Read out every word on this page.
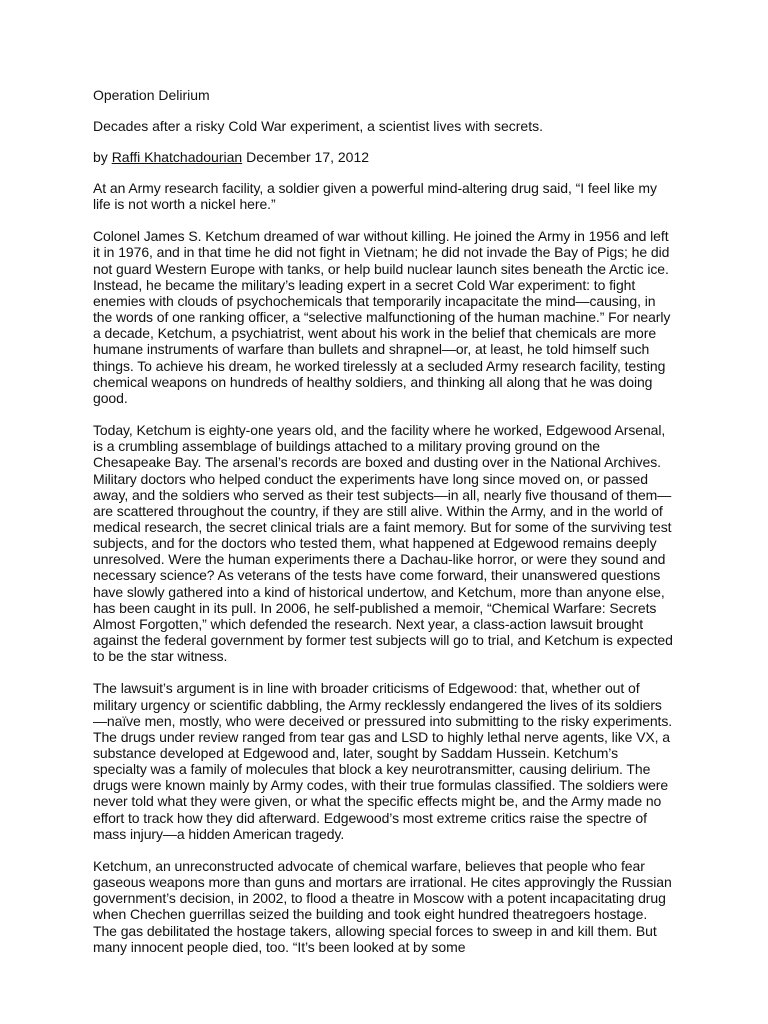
Operation Delirium
Decades after a risky Cold War experiment, a scientist lives with secrets.
by Raffi Khatchadourian December 17, 2012

At an Army research facility, a soldier given a powerful mind-altering drug said, “I feel like my life is not worth a nickel here.”

Colonel James S. Ketchum dreamed of war without killing. He joined the Army in 1956 and left it in 1976, and in that time he did not fight in Vietnam; he did not invade the Bay of Pigs; he did not guard Western Europe with tanks, or help build nuclear launch sites beneath the Arctic ice. Instead, he became the military’s leading expert in a secret Cold War experiment: to fight enemies with clouds of psychochemicals that temporarily incapacitate the mind—causing, in the words of one ranking officer, a “selective malfunctioning of the human machine.” For nearly a decade, Ketchum, a psychiatrist, went about his work in the belief that chemicals are more humane instruments of warfare than bullets and shrapnel—or, at least, he told himself such things. To achieve his dream, he worked tirelessly at a secluded Army research facility, testing chemical weapons on hundreds of healthy soldiers, and thinking all along that he was doing good.

Today, Ketchum is eighty-one years old, and the facility where he worked, Edgewood Arsenal, is a crumbling assemblage of buildings attached to a military proving ground on the Chesapeake Bay. The arsenal’s records are boxed and dusting over in the National Archives. Military doctors who helped conduct the experiments have long since moved on, or passed away, and the soldiers who served as their test subjects—in all, nearly five thousand of them—are scattered throughout the country, if they are still alive. Within the Army, and in the world of medical research, the secret clinical trials are a faint memory. But for some of the surviving test subjects, and for the doctors who tested them, what happened at Edgewood remains deeply unresolved. Were the human experiments there a Dachau-like horror, or were they sound and necessary science? As veterans of the tests have come forward, their unanswered questions have slowly gathered into a kind of historical undertow, and Ketchum, more than anyone else, has been caught in its pull. In 2006, he self-published a memoir, “Chemical Warfare: Secrets Almost Forgotten,” which defended the research. Next year, a class-action lawsuit brought against the federal government by former test subjects will go to trial, and Ketchum is expected to be the star witness.

The lawsuit’s argument is in line with broader criticisms of Edgewood: that, whether out of military urgency or scientific dabbling, the Army recklessly endangered the lives of its soldiers—naïve men, mostly, who were deceived or pressured into submitting to the risky experiments. The drugs under review ranged from tear gas and LSD to highly lethal nerve agents, like VX, a substance developed at Edgewood and, later, sought by Saddam Hussein. Ketchum’s specialty was a family of molecules that block a key neurotransmitter, causing delirium. The drugs were known mainly by Army codes, with their true formulas classified. The soldiers were never told what they were given, or what the specific effects might be, and the Army made no effort to track how they did afterward. Edgewood’s most extreme critics raise the spectre of mass injury—a hidden American tragedy.

Ketchum, an unreconstructed advocate of chemical warfare, believes that people who fear gaseous weapons more than guns and mortars are irrational. He cites approvingly the Russian government’s decision, in 2002, to flood a theatre in Moscow with a potent incapacitating drug when Chechen guerrillas seized the building and took eight hundred theatregoers hostage. The gas debilitated the hostage takers, allowing special forces to sweep in and kill them. But many innocent people died, too. “It’s been looked at by some
